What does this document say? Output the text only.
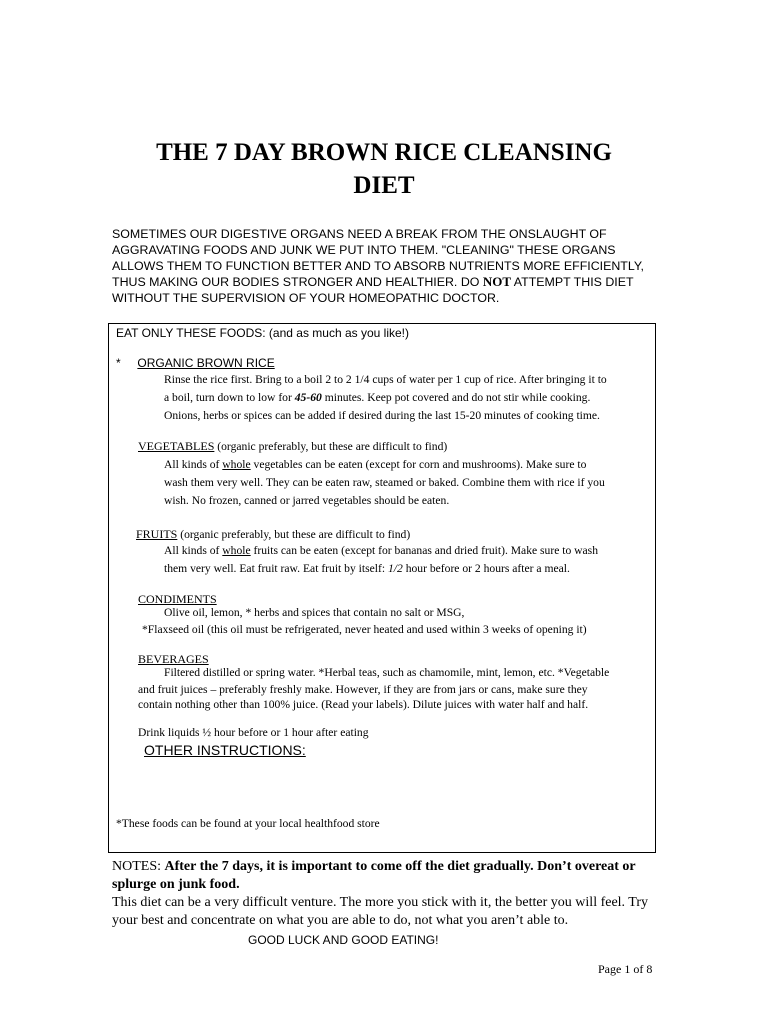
THE 7 DAY BROWN RICE CLEANSING
DIET
SOMETIMES OUR DIGESTIVE ORGANS NEED A BREAK FROM THE ONSLAUGHT OF
AGGRAVATING FOODS AND JUNK WE PUT INTO THEM. "CLEANING" THESE ORGANS
ALLOWS THEM TO FUNCTION BETTER AND TO ABSORB NUTRIENTS MORE EFFICIENTLY,
THUS MAKING OUR BODIES STRONGER AND HEALTHIER. DO NOT ATTEMPT THIS DIET
WITHOUT THE SUPERVISION OF YOUR HOMEOPATHIC DOCTOR.
EAT ONLY THESE FOODS: (and as much as you like!)
* ORGANIC BROWN RICE
Rinse the rice first. Bring to a boil 2 to 2 1/4 cups of water per 1 cup of rice. After bringing it to
a boil, turn down to low for 45-60 minutes. Keep pot covered and do not stir while cooking.
Onions, herbs or spices can be added if desired during the last 15-20 minutes of cooking time.
VEGETABLES (organic preferably, but these are difficult to find)
All kinds of whole vegetables can be eaten (except for corn and mushrooms). Make sure to
wash them very well. They can be eaten raw, steamed or baked. Combine them with rice if you
wish. No frozen, canned or jarred vegetables should be eaten.
FRUITS (organic preferably, but these are difficult to find)
All kinds of whole fruits can be eaten (except for bananas and dried fruit). Make sure to wash
them very well. Eat fruit raw. Eat fruit by itself: 1/2 hour before or 2 hours after a meal.
CONDIMENTS
Olive oil, lemon, * herbs and spices that contain no salt or MSG,
*Flaxseed oil (this oil must be refrigerated, never heated and used within 3 weeks of opening it)
BEVERAGES
Filtered distilled or spring water. *Herbal teas, such as chamomile, mint, lemon, etc. *Vegetable
and fruit juices – preferably freshly make. However, if they are from jars or cans, make sure they
contain nothing other than 100% juice. (Read your labels). Dilute juices with water half and half.
Drink liquids ½ hour before or 1 hour after eating
OTHER INSTRUCTIONS:
*These foods can be found at your local healthfood store
NOTES: After the 7 days, it is important to come off the diet gradually. Don’t overeat or
splurge on junk food.
This diet can be a very difficult venture. The more you stick with it, the better you will feel. Try
your best and concentrate on what you are able to do, not what you aren’t able to.
GOOD LUCK AND GOOD EATING!
Page 1 of 8
